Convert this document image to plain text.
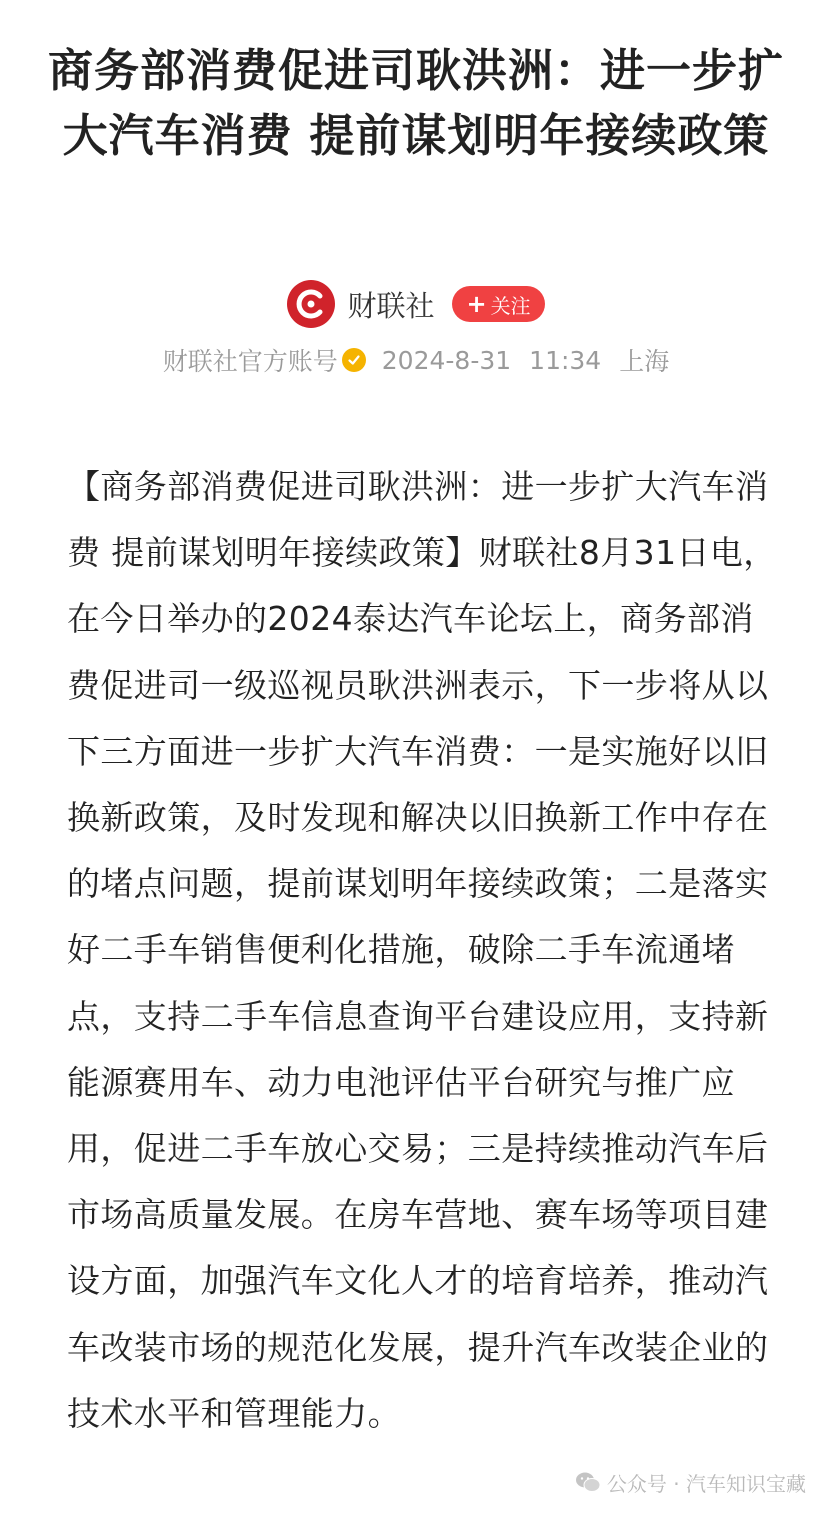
商务部消费促进司耿洪洲：进一步扩大汽车消费 提前谋划明年接续政策
财联社 + 关注
财联社官方账号 2024-8-31 11:34 上海

【商务部消费促进司耿洪洲：进一步扩大汽车消费 提前谋划明年接续政策】财联社8月31日电，在今日举办的2024泰达汽车论坛上，商务部消费促进司一级巡视员耿洪洲表示，下一步将从以下三方面进一步扩大汽车消费：一是实施好以旧换新政策，及时发现和解决以旧换新工作中存在的堵点问题，提前谋划明年接续政策；二是落实好二手车销售便利化措施，破除二手车流通堵点，支持二手车信息查询平台建设应用，支持新能源赛用车、动力电池评估平台研究与推广应用，促进二手车放心交易；三是持续推动汽车后市场高质量发展。在房车营地、赛车场等项目建设方面，加强汽车文化人才的培育培养，推动汽车改装市场的规范化发展，提升汽车改装企业的技术水平和管理能力。

公众号 · 汽车知识宝藏
